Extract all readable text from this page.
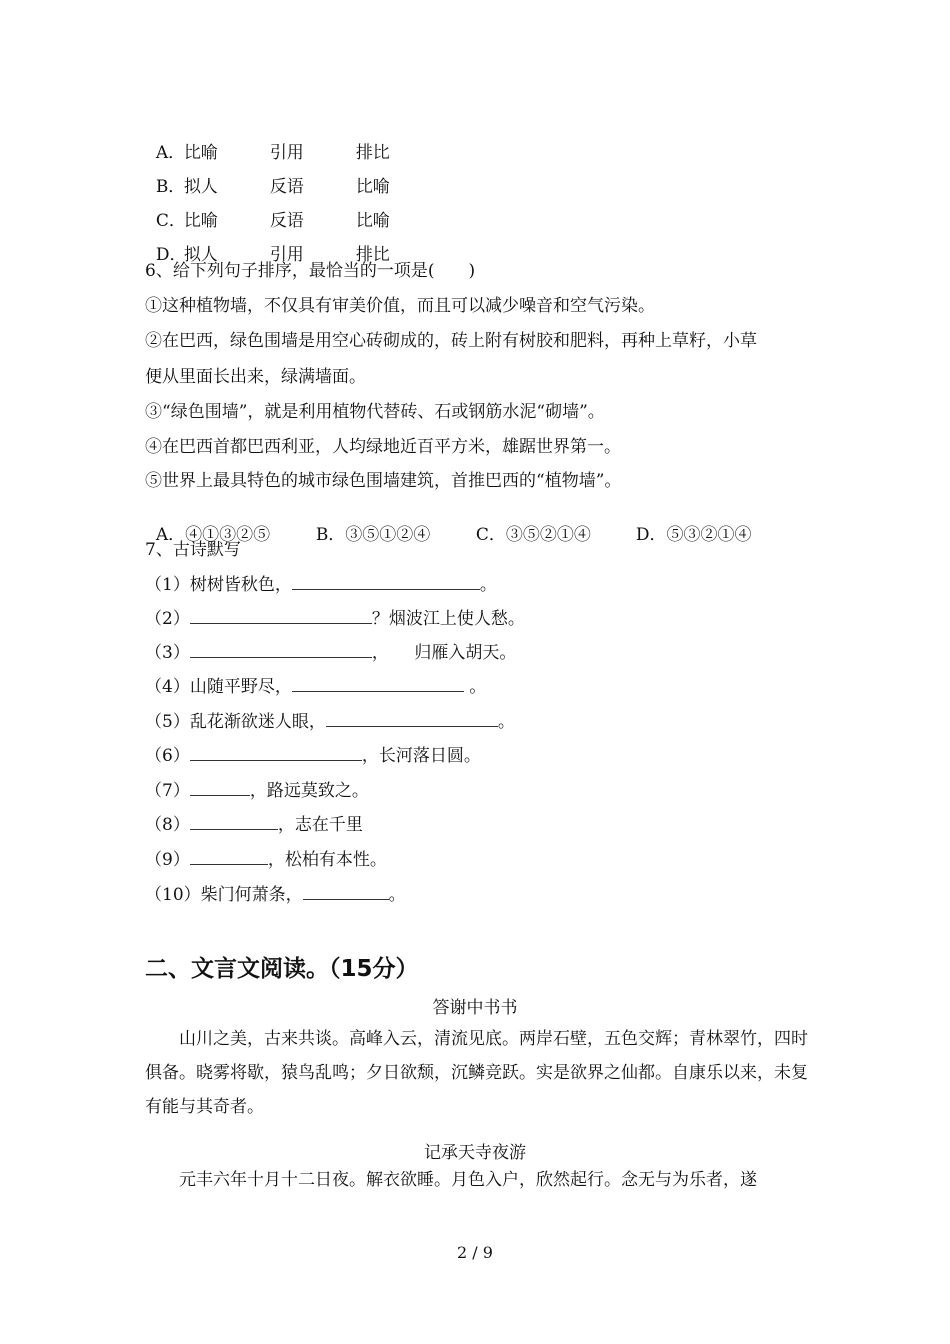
A．比喻	引用	排比

B．拟人	反语	比喻

C．比喻	反语	比喻

D．拟人	引用	排比

6、给下列句子排序，最恰当的一项是(　　)
①这种植物墙，不仅具有审美价值，而且可以减少噪音和空气污染。
②在巴西，绿色围墙是用空心砖砌成的，砖上附有树胶和肥料，再种上草籽，小草
便从里面长出来，绿满墙面。
③“绿色围墙”，就是利用植物代替砖、石或钢筋水泥“砌墙”。
④在巴西首都巴西利亚，人均绿地近百平方米，雄踞世界第一。
⑤世界上最具特色的城市绿色围墙建筑，首推巴西的“植物墙”。

A．④①③②⑤	B．③⑤①②④	C．③⑤②①④	D．⑤③②①④

7、古诗默写
（1）树树皆秋色，	。
（2）	？烟波江上使人愁。
（3）	，　　归雁入胡天。
（4）山随平野尽，	。
（5）乱花渐欲迷人眼，	。
（6）	，长河落日圆。
（7）	，路远莫致之。
（8）	，志在千里
（9）	，松柏有本性。
（10）柴门何萧条，	。
二、文言文阅读。（15分）
答谢中书书
山川之美，古来共谈。高峰入云，清流见底。两岸石壁，五色交辉；青林翠竹，四时俱备。晓雾将歇，猿鸟乱鸣；夕日欲颓，沉鳞竞跃。实是欲界之仙都。自康乐以来，未复有能与其奇者。
记承天寺夜游
元丰六年十月十二日夜。解衣欲睡。月色入户，欣然起行。念无与为乐者，遂
2 / 9
